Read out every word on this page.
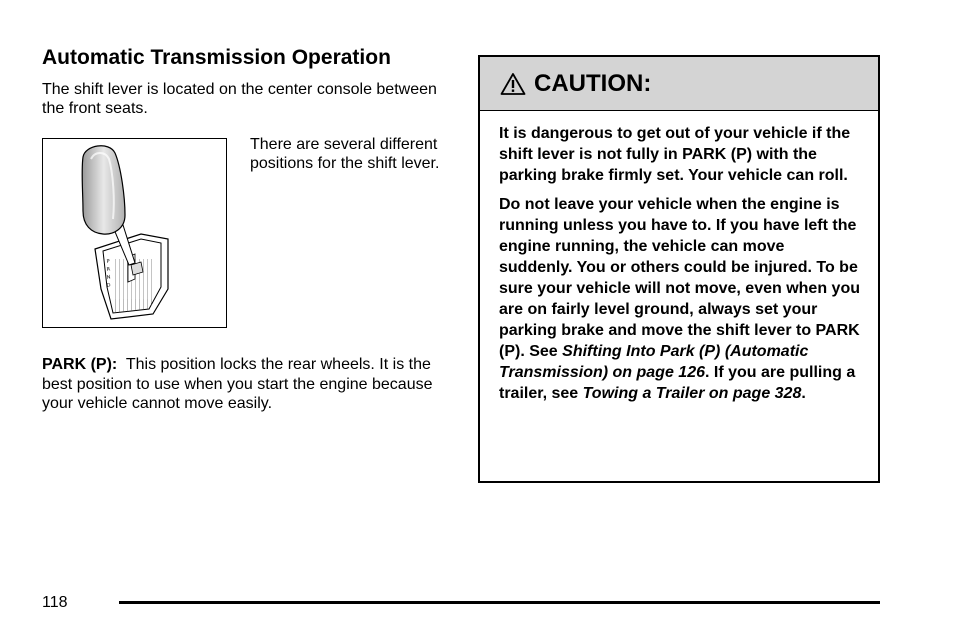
Automatic Transmission Operation
The shift lever is located on the center console between the front seats.
P
R
N
D
There are several different positions for the shift lever.
PARK (P): This position locks the rear wheels. It is the best position to use when you start the engine because your vehicle cannot move easily.
CAUTION:

It is dangerous to get out of your vehicle if the shift lever is not fully in PARK (P) with the parking brake firmly set. Your vehicle can roll.

Do not leave your vehicle when the engine is running unless you have to. If you have left the engine running, the vehicle can move suddenly. You or others could be injured. To be sure your vehicle will not move, even when you are on fairly level ground, always set your parking brake and move the shift lever to PARK (P). See Shifting Into Park (P) (Automatic Transmission) on page 126. If you are pulling a trailer, see Towing a Trailer on page 328.

118
